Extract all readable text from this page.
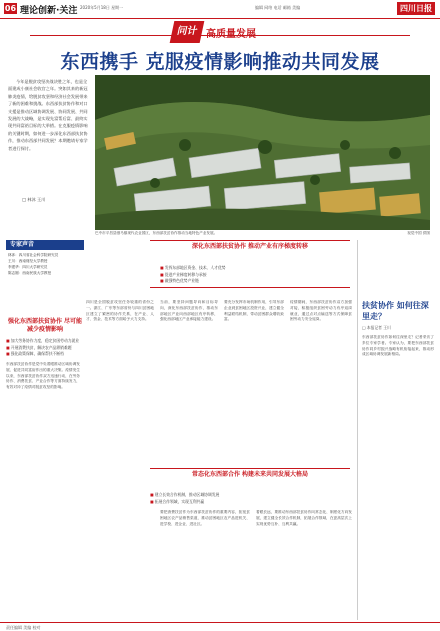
06 理论创新·关注 2020年5月18日 星期一	编辑 网络 电话 邮箱 美编	四川日报
问计 高质量发展
东西携手 克服疫情影响推动共同发展
今年是脱贫攻坚决战决胜之年，也是全面建成小康社会收官之年。突如其来的新冠肺炎疫情，给脱贫攻坚和经济社会发展带来了新的困难和挑战。东西部扶贫协作和对口支援是推动区域协调发展、协同发展、共同发展的大战略，是实现先富帮后富、最终实现共同富裕目标的大举措。在克服疫情影响的关键时期，如何进一步深化东西部扶贫协作，推动东西部共同发展？本期邀请专家学者进行探讨。
□ 林沐 王川
巴中市平昌县驷马镇现代农业园区，东西部扶贫协作推动当地特色产业发展。	视觉中国 供图
专家声音
林沐：四川省社会科学院研究员
王川：西南财经大学教授
李建华：四川大学研究员
陈志刚：西南民族大学教授
深化东西部扶贫协作 推动产业有序梯度转移
■ 发挥东部地区资金、技术、人才优势
■ 促进产业梯度转移与承接
■ 做强特色优势产业链
强化东西部扶贫协作 尽可能减少疫情影响
■ 加大劳务协作力度，稳定贫困劳动力就业
■ 开展消费扶贫，解决农产品滞销难题
■ 强化政策保障，确保帮扶不断档
常态化东西部合作 构建未来共同发展大格局
■ 建立长效合作机制，推动区域协调发展
■ 拓展合作领域，实现互利共赢
东西部扶贫协作是党中央着眼推动区域协调发展、促进共同富裕作出的重大决策。疫情发生以来，东西部扶贫协作双方迅速行动，在劳务协作、消费扶贫、产业合作等方面持续发力，有效对冲了疫情对脱贫攻坚的影响。
四川是全国脱贫攻坚任务较重的省份之一。浙江、广东等东部省份与四川贫困地区建立了紧密的协作关系，在产业、人才、资金、技术等方面给予大力支持。
当前，要坚持问题导向和目标导向，深化东西部扶贫协作，推动东部地区产业向西部地区有序转移，强化西部地区产业承接能力建设。
要充分发挥市场机制作用，引导东部企业到贫困地区投资兴业，建立健全利益联结机制，带动贫困群众增收致富。
疫情期间，东西部扶贫协作双方加强对接，积极组织贫困劳动力有序返岗就业，通过点对点输送等方式保障贫困劳动力安全返岗。
要把消费扶贫作为东西部扶贫协作的重要内容，拓宽贫困地区农产品销售渠道，推动贫困地区农产品进机关、进学校、进企业、进社区。
着眼长远，要推动东西部扶贫协作向常态化、制度化方向发展，建立健全长效合作机制，拓展合作领域，在更高层次上实现优势互补、互利共赢。
扶贫协作 如何往深里走？
□ 本报记者 王川
东西部扶贫协作如何往深里走？记者采访了多位专家学者。专家认为，要把东西部扶贫协作同乡村振兴战略有机衔接起来，推动形成区域协调发展新格局。
责任编辑 美编 校对
